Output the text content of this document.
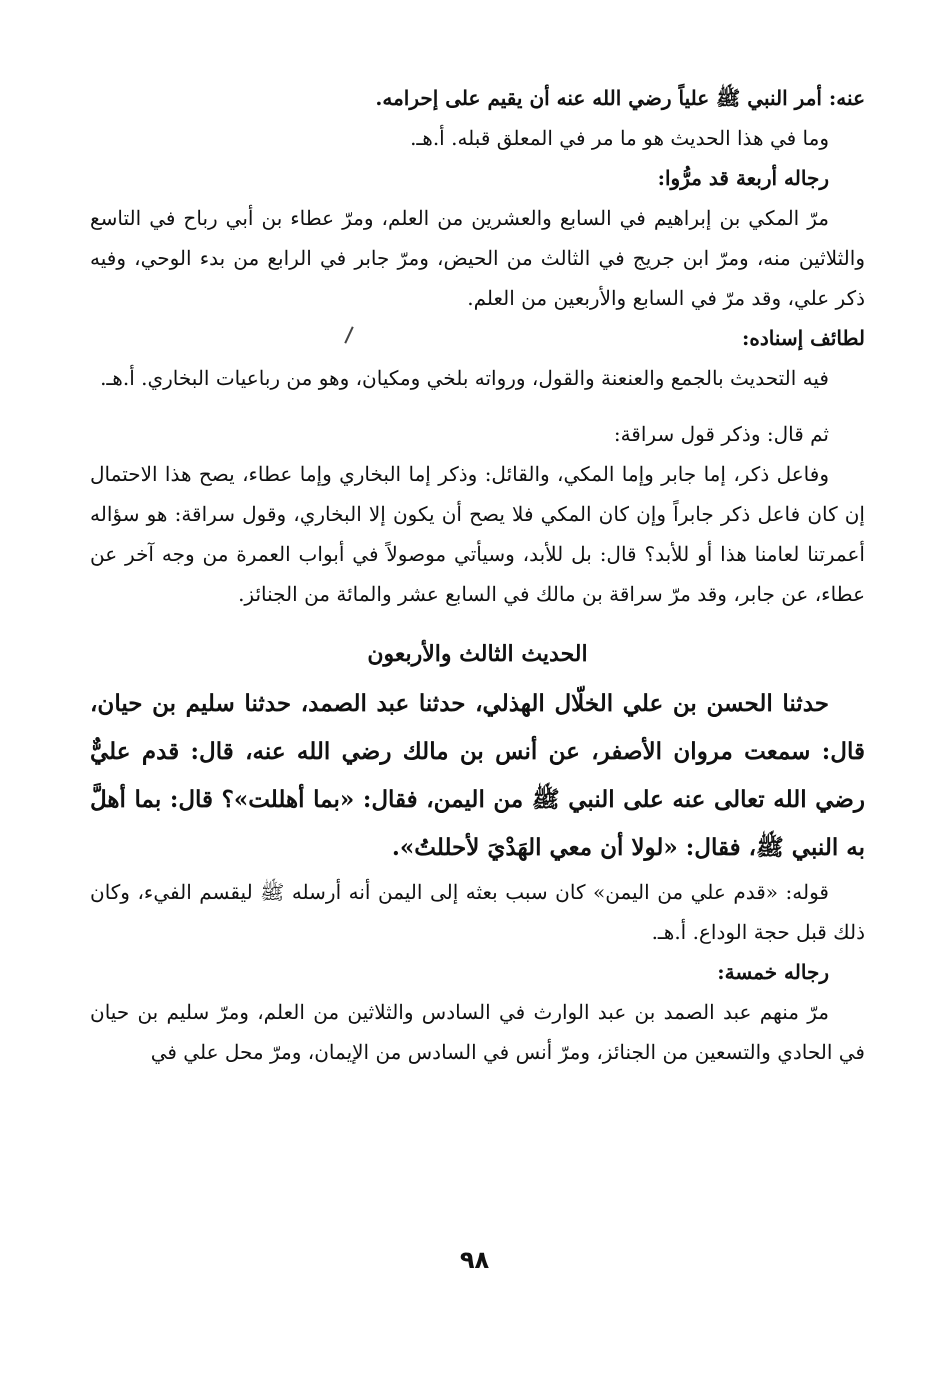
عنه: أمر النبي ﷺ علياً رضي الله عنه أن يقيم على إحرامه.

وما في هذا الحديث هو ما مر في المعلق قبله. أ.هـ.

رجاله أربعة قد مرُّوا:

مرّ المكي بن إبراهيم في السابع والعشرين من العلم، ومرّ عطاء بن أبي رباح في التاسع والثلاثين منه، ومرّ ابن جريج في الثالث من الحيض، ومرّ جابر في الرابع من بدء الوحي، وفيه ذكر علي، وقد مرّ في السابع والأربعين من العلم.

لطائف إسناده:

فيه التحديث بالجمع والعنعنة والقول، ورواته بلخي ومكيان، وهو من رباعيات البخاري. أ.هـ.

ثم قال: وذكر قول سراقة:

وفاعل ذكر، إما جابر وإما المكي، والقائل: وذكر إما البخاري وإما عطاء، يصح هذا الاحتمال إن كان فاعل ذكر جابراً وإن كان المكي فلا يصح أن يكون إلا البخاري، وقول سراقة: هو سؤاله أعمرتنا لعامنا هذا أو للأبد؟ قال: بل للأبد، وسيأتي موصولاً في أبواب العمرة من وجه آخر عن عطاء، عن جابر، وقد مرّ سراقة بن مالك في السابع عشر والمائة من الجنائز.

الحديث الثالث والأربعون

حدثنا الحسن بن علي الخلّال الهذلي، حدثنا عبد الصمد، حدثنا سليم بن حيان، قال: سمعت مروان الأصفر، عن أنس بن مالك رضي الله عنه، قال: قدم عليٌّ رضي الله تعالى عنه على النبي ﷺ من اليمن، فقال: «بما أهللت»؟ قال: بما أهلَّ به النبي ﷺ، فقال: «لولا أن معي الهَدْيَ لأحللتُ».

قوله: «قدم علي من اليمن» كان سبب بعثه إلى اليمن أنه أرسله ﷺ ليقسم الفيء، وكان ذلك قبل حجة الوداع. أ.هـ.

رجاله خمسة:

مرّ منهم عبد الصمد بن عبد الوارث في السادس والثلاثين من العلم، ومرّ سليم بن حيان في الحادي والتسعين من الجنائز، ومرّ أنس في السادس من الإيمان، ومرّ محل علي في

٩٨
